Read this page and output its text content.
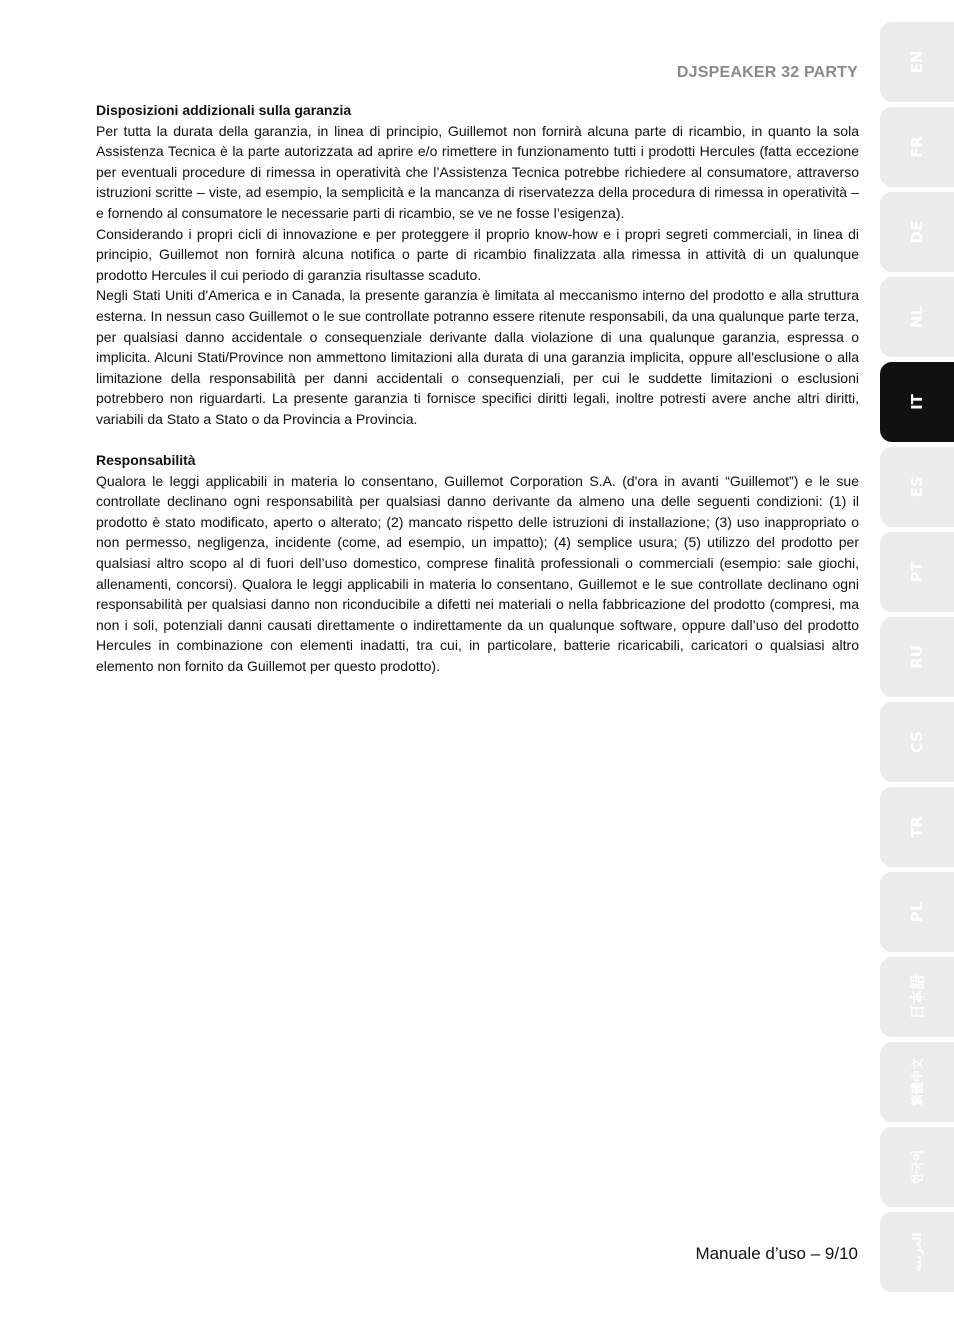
DJSPEAKER 32 PARTY
Disposizioni addizionali sulla garanzia

Per tutta la durata della garanzia, in linea di principio, Guillemot non fornirà alcuna parte di ricambio, in quanto la sola Assistenza Tecnica è la parte autorizzata ad aprire e/o rimettere in funzionamento tutti i prodotti Hercules (fatta eccezione per eventuali procedure di rimessa in operatività che l’Assistenza Tecnica potrebbe richiedere al consumatore, attraverso istruzioni scritte – viste, ad esempio, la semplicità e la mancanza di riservatezza della procedura di rimessa in operatività – e fornendo al consumatore le necessarie parti di ricambio, se ve ne fosse l’esigenza).

Considerando i propri cicli di innovazione e per proteggere il proprio know-how e i propri segreti commerciali, in linea di principio, Guillemot non fornirà alcuna notifica o parte di ricambio finalizzata alla rimessa in attività di un qualunque prodotto Hercules il cui periodo di garanzia risultasse scaduto.

Negli Stati Uniti d'America e in Canada, la presente garanzia è limitata al meccanismo interno del prodotto e alla struttura esterna. In nessun caso Guillemot o le sue controllate potranno essere ritenute responsabili, da una qualunque parte terza, per qualsiasi danno accidentale o consequenziale derivante dalla violazione di una qualunque garanzia, espressa o implicita. Alcuni Stati/Province non ammettono limitazioni alla durata di una garanzia implicita, oppure all'esclusione o alla limitazione della responsabilità per danni accidentali o consequenziali, per cui le suddette limitazioni o esclusioni potrebbero non riguardarti. La presente garanzia ti fornisce specifici diritti legali, inoltre potresti avere anche altri diritti, variabili da Stato a Stato o da Provincia a Provincia.

Responsabilità

Qualora le leggi applicabili in materia lo consentano, Guillemot Corporation S.A. (d'ora in avanti “Guillemot”) e le sue controllate declinano ogni responsabilità per qualsiasi danno derivante da almeno una delle seguenti condizioni: (1) il prodotto è stato modificato, aperto o alterato; (2) mancato rispetto delle istruzioni di installazione; (3) uso inappropriato o non permesso, negligenza, incidente (come, ad esempio, un impatto); (4) semplice usura; (5) utilizzo del prodotto per qualsiasi altro scopo al di fuori dell’uso domestico, comprese finalità professionali o commerciali (esempio: sale giochi, allenamenti, concorsi). Qualora le leggi applicabili in materia lo consentano, Guillemot e le sue controllate declinano ogni responsabilità per qualsiasi danno non riconducibile a difetti nei materiali o nella fabbricazione del prodotto (compresi, ma non i soli, potenziali danni causati direttamente o indirettamente da un qualunque software, oppure dall’uso del prodotto Hercules in combinazione con elementi inadatti, tra cui, in particolare, batterie ricaricabili, caricatori o qualsiasi altro elemento non fornito da Guillemot per questo prodotto).

Manuale d’uso – 9/10
EN
FR
DE
NL
IT
ES
PT
RU
CS
TR
PL
日本語
繁體中文
한국어
العربية
